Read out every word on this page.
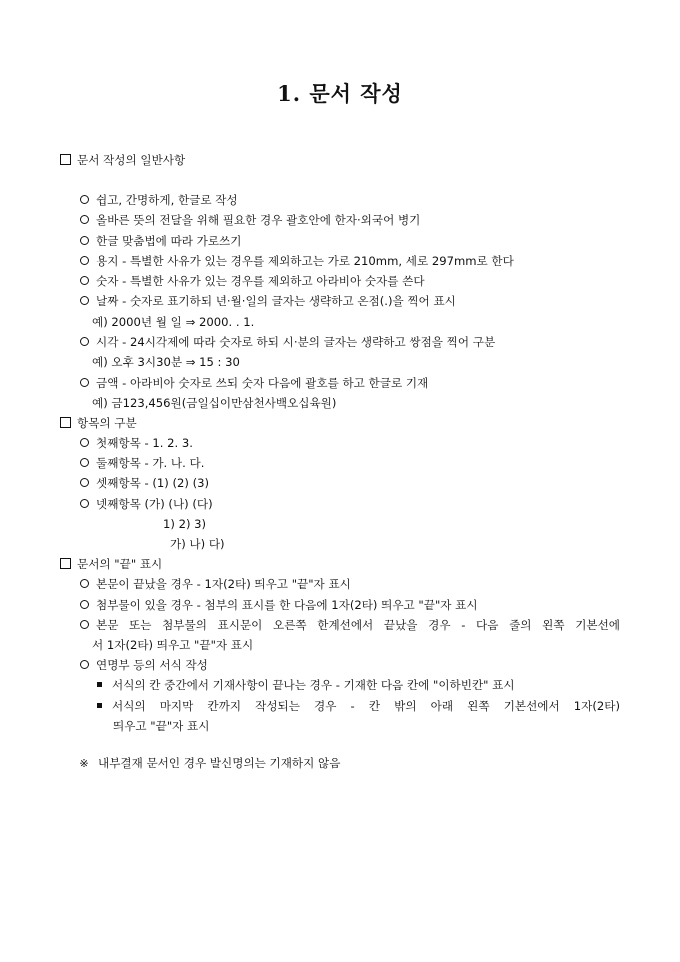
1. 문서 작성
문서 작성의 일반사항
쉽고, 간명하게, 한글로 작성
올바른 뜻의 전달을 위해 필요한 경우 괄호안에 한자·외국어 병기
한글 맞춤법에 따라 가로쓰기
용지 - 특별한 사유가 있는 경우를 제외하고는 가로 210mm, 세로 297mm로 한다
숫자 - 특별한 사유가 있는 경우를 제외하고 아라비아 숫자를 쓴다
날짜 - 숫자로 표기하되 년·월·일의 글자는 생략하고 온점(.)을 찍어 표시
예) 2000년 월 일 ⇒ 2000. . 1.
시각 - 24시각제에 따라 숫자로 하되 시·분의 글자는 생략하고 쌍점을 찍어 구분
예) 오후 3시30분 ⇒ 15 : 30
금액 - 아라비아 숫자로 쓰되 숫자 다음에 괄호를 하고 한글로 기재
예) 금123,456원(금일십이만삼천사백오십육원)
항목의 구분
첫째항목 - 1. 2. 3.
둘째항목 - 가. 나. 다.
셋째항목 - (1) (2) (3)
넷째항목 (가) (나) (다)
1) 2) 3)
가) 나) 다)
문서의 "끝" 표시
본문이 끝났을 경우 - 1자(2타) 띄우고 "끝"자 표시
첨부물이 있을 경우 - 첨부의 표시를 한 다음에 1자(2타) 띄우고 "끝"자 표시
본문 또는 첨부물의 표시문이 오른쪽 한계선에서 끝났을 경우 - 다음 줄의 왼쪽 기본선에
서 1자(2타) 띄우고 "끝"자 표시
연명부 등의 서식 작성
서식의 칸 중간에서 기재사항이 끝나는 경우 - 기재한 다음 칸에 "이하빈칸" 표시
서식의 마지막 칸까지 작성되는 경우 - 칸 밖의 아래 왼쪽 기본선에서 1자(2타)
띄우고 "끝"자 표시
※ 내부결재 문서인 경우 발신명의는 기재하지 않음
